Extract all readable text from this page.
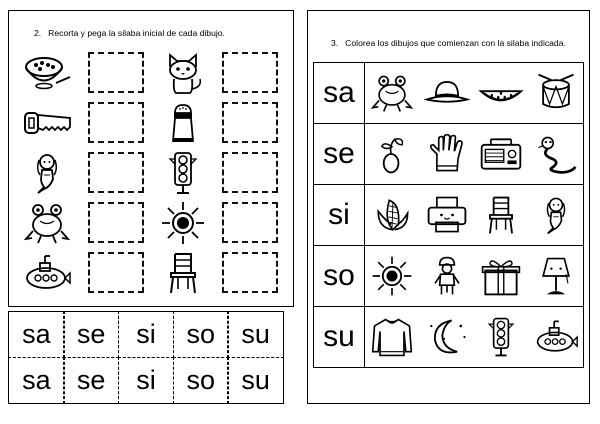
2. Recorta y pega la silaba inicial de cada dibujo.
sa se	si	so su
sa se	si	so su
3. Colorea los dibujos que comienzan con la silaba indicada.
sa	

se	

si	

so	

su	
